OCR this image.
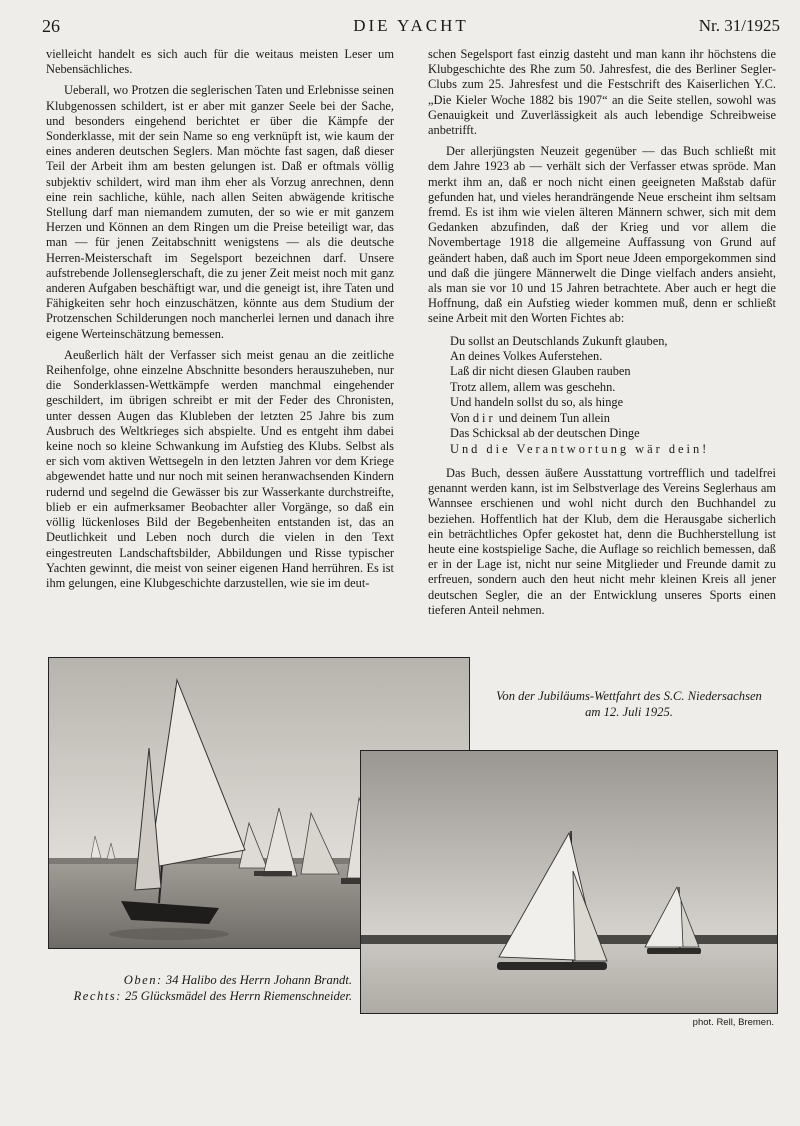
26	DIE YACHT	Nr. 31/1925

vielleicht handelt es sich auch für die weitaus meisten Leser um Nebensächliches.

Ueberall, wo Protzen die seglerischen Taten und Erlebnisse seinen Klubgenossen schildert, ist er aber mit ganzer Seele bei der Sache, und besonders eingehend berichtet er über die Kämpfe der Sonderklasse, mit der sein Name so eng verknüpft ist, wie kaum der eines anderen deutschen Seglers. Man möchte fast sagen, daß dieser Teil der Arbeit ihm am besten gelungen ist. Daß er oftmals völlig subjektiv schildert, wird man ihm eher als Vorzug anrechnen, denn eine rein sachliche, kühle, nach allen Seiten abwägende kritische Stellung darf man niemandem zumuten, der so wie er mit ganzem Herzen und Können an dem Ringen um die Preise beteiligt war, das man — für jenen Zeitabschnitt wenigstens — als die deutsche Herren-Meisterschaft im Segelsport bezeichnen darf. Unsere aufstrebende Jollenseglerschaft, die zu jener Zeit meist noch mit ganz anderen Aufgaben beschäftigt war, und die geneigt ist, ihre Taten und Fähigkeiten sehr hoch einzuschätzen, könnte aus dem Studium der Protzenschen Schilderungen noch mancherlei lernen und danach ihre eigene Werteinschätzung bemessen.

Aeußerlich hält der Verfasser sich meist genau an die zeitliche Reihenfolge, ohne einzelne Abschnitte besonders herauszuheben, nur die Sonderklassen-Wettkämpfe werden manchmal eingehender geschildert, im übrigen schreibt er mit der Feder des Chronisten, unter dessen Augen das Klubleben der letzten 25 Jahre bis zum Ausbruch des Weltkrieges sich abspielte. Und es entgeht ihm dabei keine noch so kleine Schwankung im Aufstieg des Klubs. Selbst als er sich vom aktiven Wettsegeln in den letzten Jahren vor dem Kriege abgewendet hatte und nur noch mit seinen heranwachsenden Kindern rudernd und segelnd die Gewässer bis zur Wasserkante durchstreifte, blieb er ein aufmerksamer Beobachter aller Vorgänge, so daß ein völlig lückenloses Bild der Begebenheiten entstanden ist, das an Deutlichkeit und Leben noch durch die vielen in den Text eingestreuten Landschaftsbilder, Abbildungen und Risse typischer Yachten gewinnt, die meist von seiner eigenen Hand herrühren. Es ist ihm gelungen, eine Klubgeschichte darzustellen, wie sie im deut-

schen Segelsport fast einzig dasteht und man kann ihr höchstens die Klubgeschichte des Rhe zum 50. Jahresfest, die des Berliner Segler-Clubs zum 25. Jahresfest und die Festschrift des Kaiserlichen Y.C. „Die Kieler Woche 1882 bis 1907“ an die Seite stellen, sowohl was Genauigkeit und Zuverlässigkeit als auch lebendige Schreibweise anbetrifft.

Der allerjüngsten Neuzeit gegenüber — das Buch schließt mit dem Jahre 1923 ab — verhält sich der Verfasser etwas spröde. Man merkt ihm an, daß er noch nicht einen geeigneten Maßstab dafür gefunden hat, und vieles herandrängende Neue erscheint ihm seltsam fremd. Es ist ihm wie vielen älteren Männern schwer, sich mit dem Gedanken abzufinden, daß der Krieg und vor allem die Novembertage 1918 die allgemeine Auffassung von Grund auf geändert haben, daß auch im Sport neue Jdeen emporgekommen sind und daß die jüngere Männerwelt die Dinge vielfach anders ansieht, als man sie vor 10 und 15 Jahren betrachtete. Aber auch er hegt die Hoffnung, daß ein Aufstieg wieder kommen muß, denn er schließt seine Arbeit mit den Worten Fichtes ab:

Du sollst an Deutschlands Zukunft glauben,
An deines Volkes Auferstehen.
Laß dir nicht diesen Glauben rauben
Trotz allem, allem was geschehn.
Und handeln sollst du so, als hinge
Von dir und deinem Tun allein
Das Schicksal ab der deutschen Dinge
Und die Verantwortung wär dein!

Das Buch, dessen äußere Ausstattung vortrefflich und tadelfrei genannt werden kann, ist im Selbstverlage des Vereins Seglerhaus am Wannsee erschienen und wohl nicht durch den Buchhandel zu beziehen. Hoffentlich hat der Klub, dem die Herausgabe sicherlich ein beträchtliches Opfer gekostet hat, denn die Buchherstellung ist heute eine kostspielige Sache, die Auflage so reichlich bemessen, daß er in der Lage ist, nicht nur seine Mitglieder und Freunde damit zu erfreuen, sondern auch den heut nicht mehr kleinen Kreis all jener deutschen Segler, die an der Entwicklung unseres Sports einen tieferen Anteil nehmen.

Von der Jubiläums-Wettfahrt des S.C. Niedersachsen
am 12. Juli 1925.
Oben: 34 Halibo des Herrn Johann Brandt.
Rechts: 25 Glücksmädel des Herrn Riemenschneider.
phot. Rell, Bremen.
